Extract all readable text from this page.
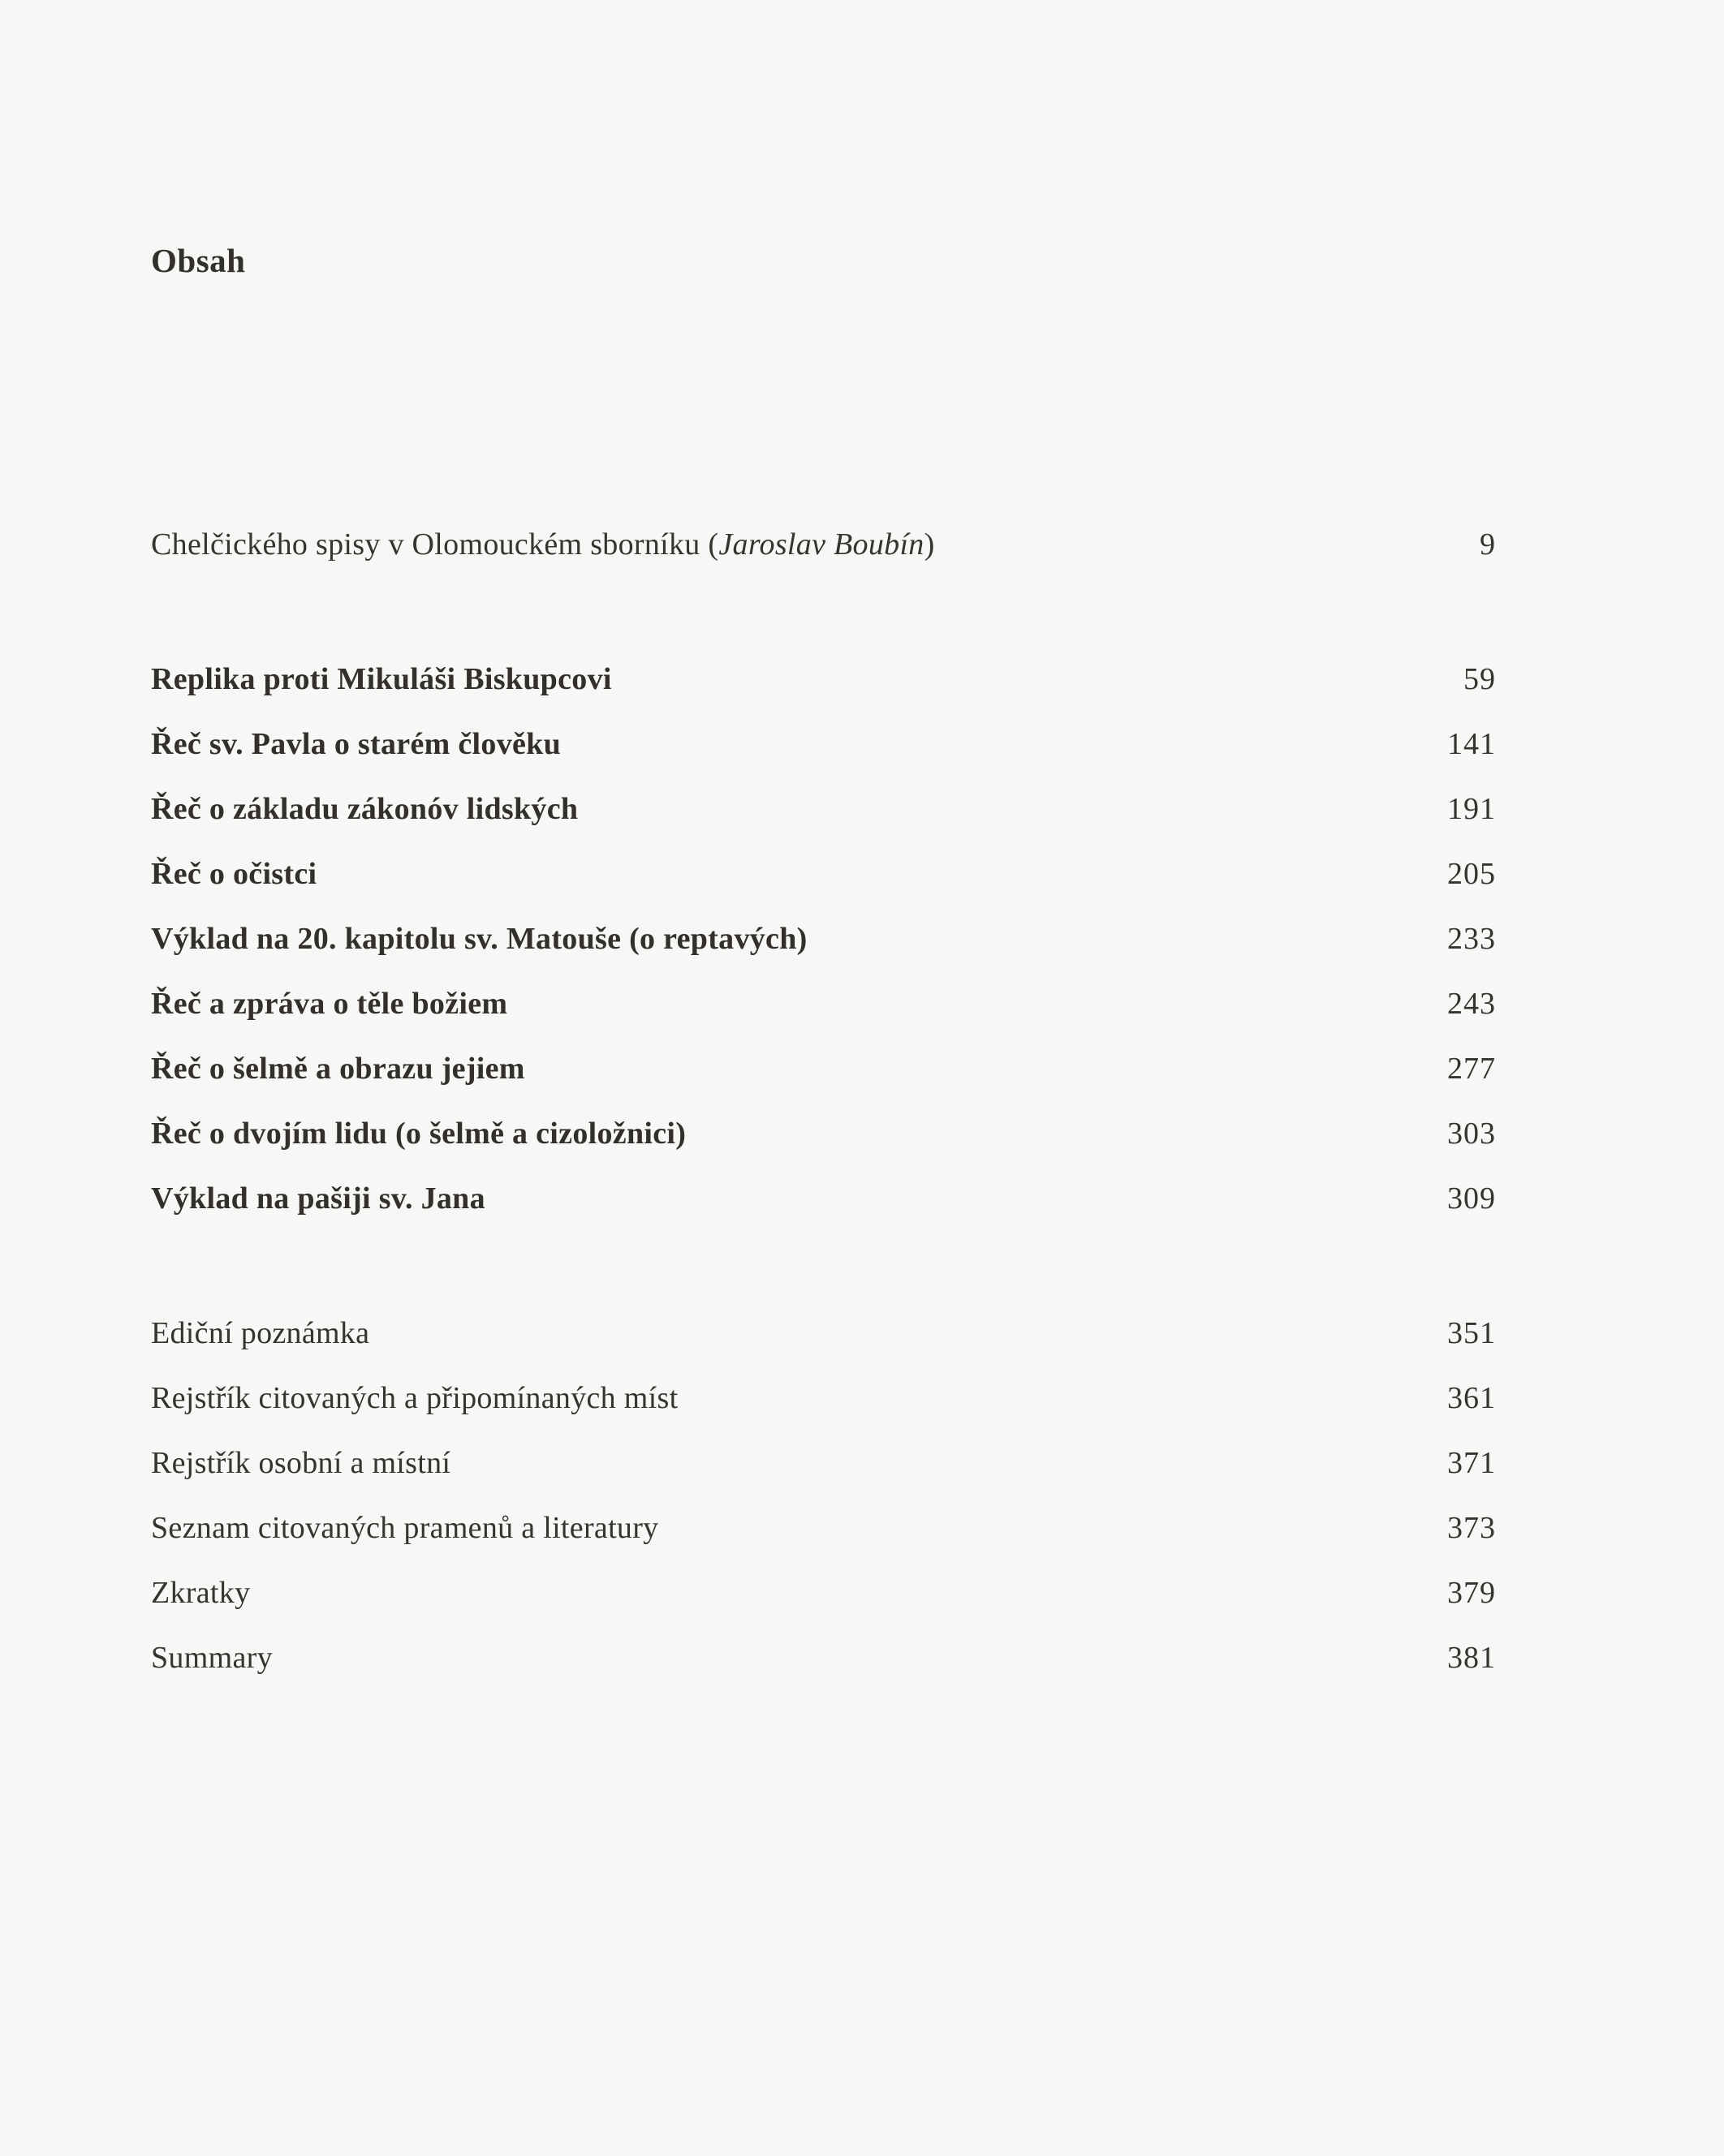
Obsah
Chelčického spisy v Olomouckém sborníku (Jaroslav Boubín)	9
Replika proti Mikuláši Biskupcovi	59
Řeč sv. Pavla o starém člověku	141
Řeč o základu zákonóv lidských	191
Řeč o očistci	205
Výklad na 20. kapitolu sv. Matouše (o reptavých)	233
Řeč a zpráva o těle božiem	243
Řeč o šelmě a obrazu jejiem	277
Řeč o dvojím lidu (o šelmě a cizoložnici)	303
Výklad na pašiji sv. Jana	309
Ediční poznámka	351
Rejstřík citovaných a připomínaných míst	361
Rejstřík osobní a místní	371
Seznam citovaných pramenů a literatury	373
Zkratky	379
Summary	381
